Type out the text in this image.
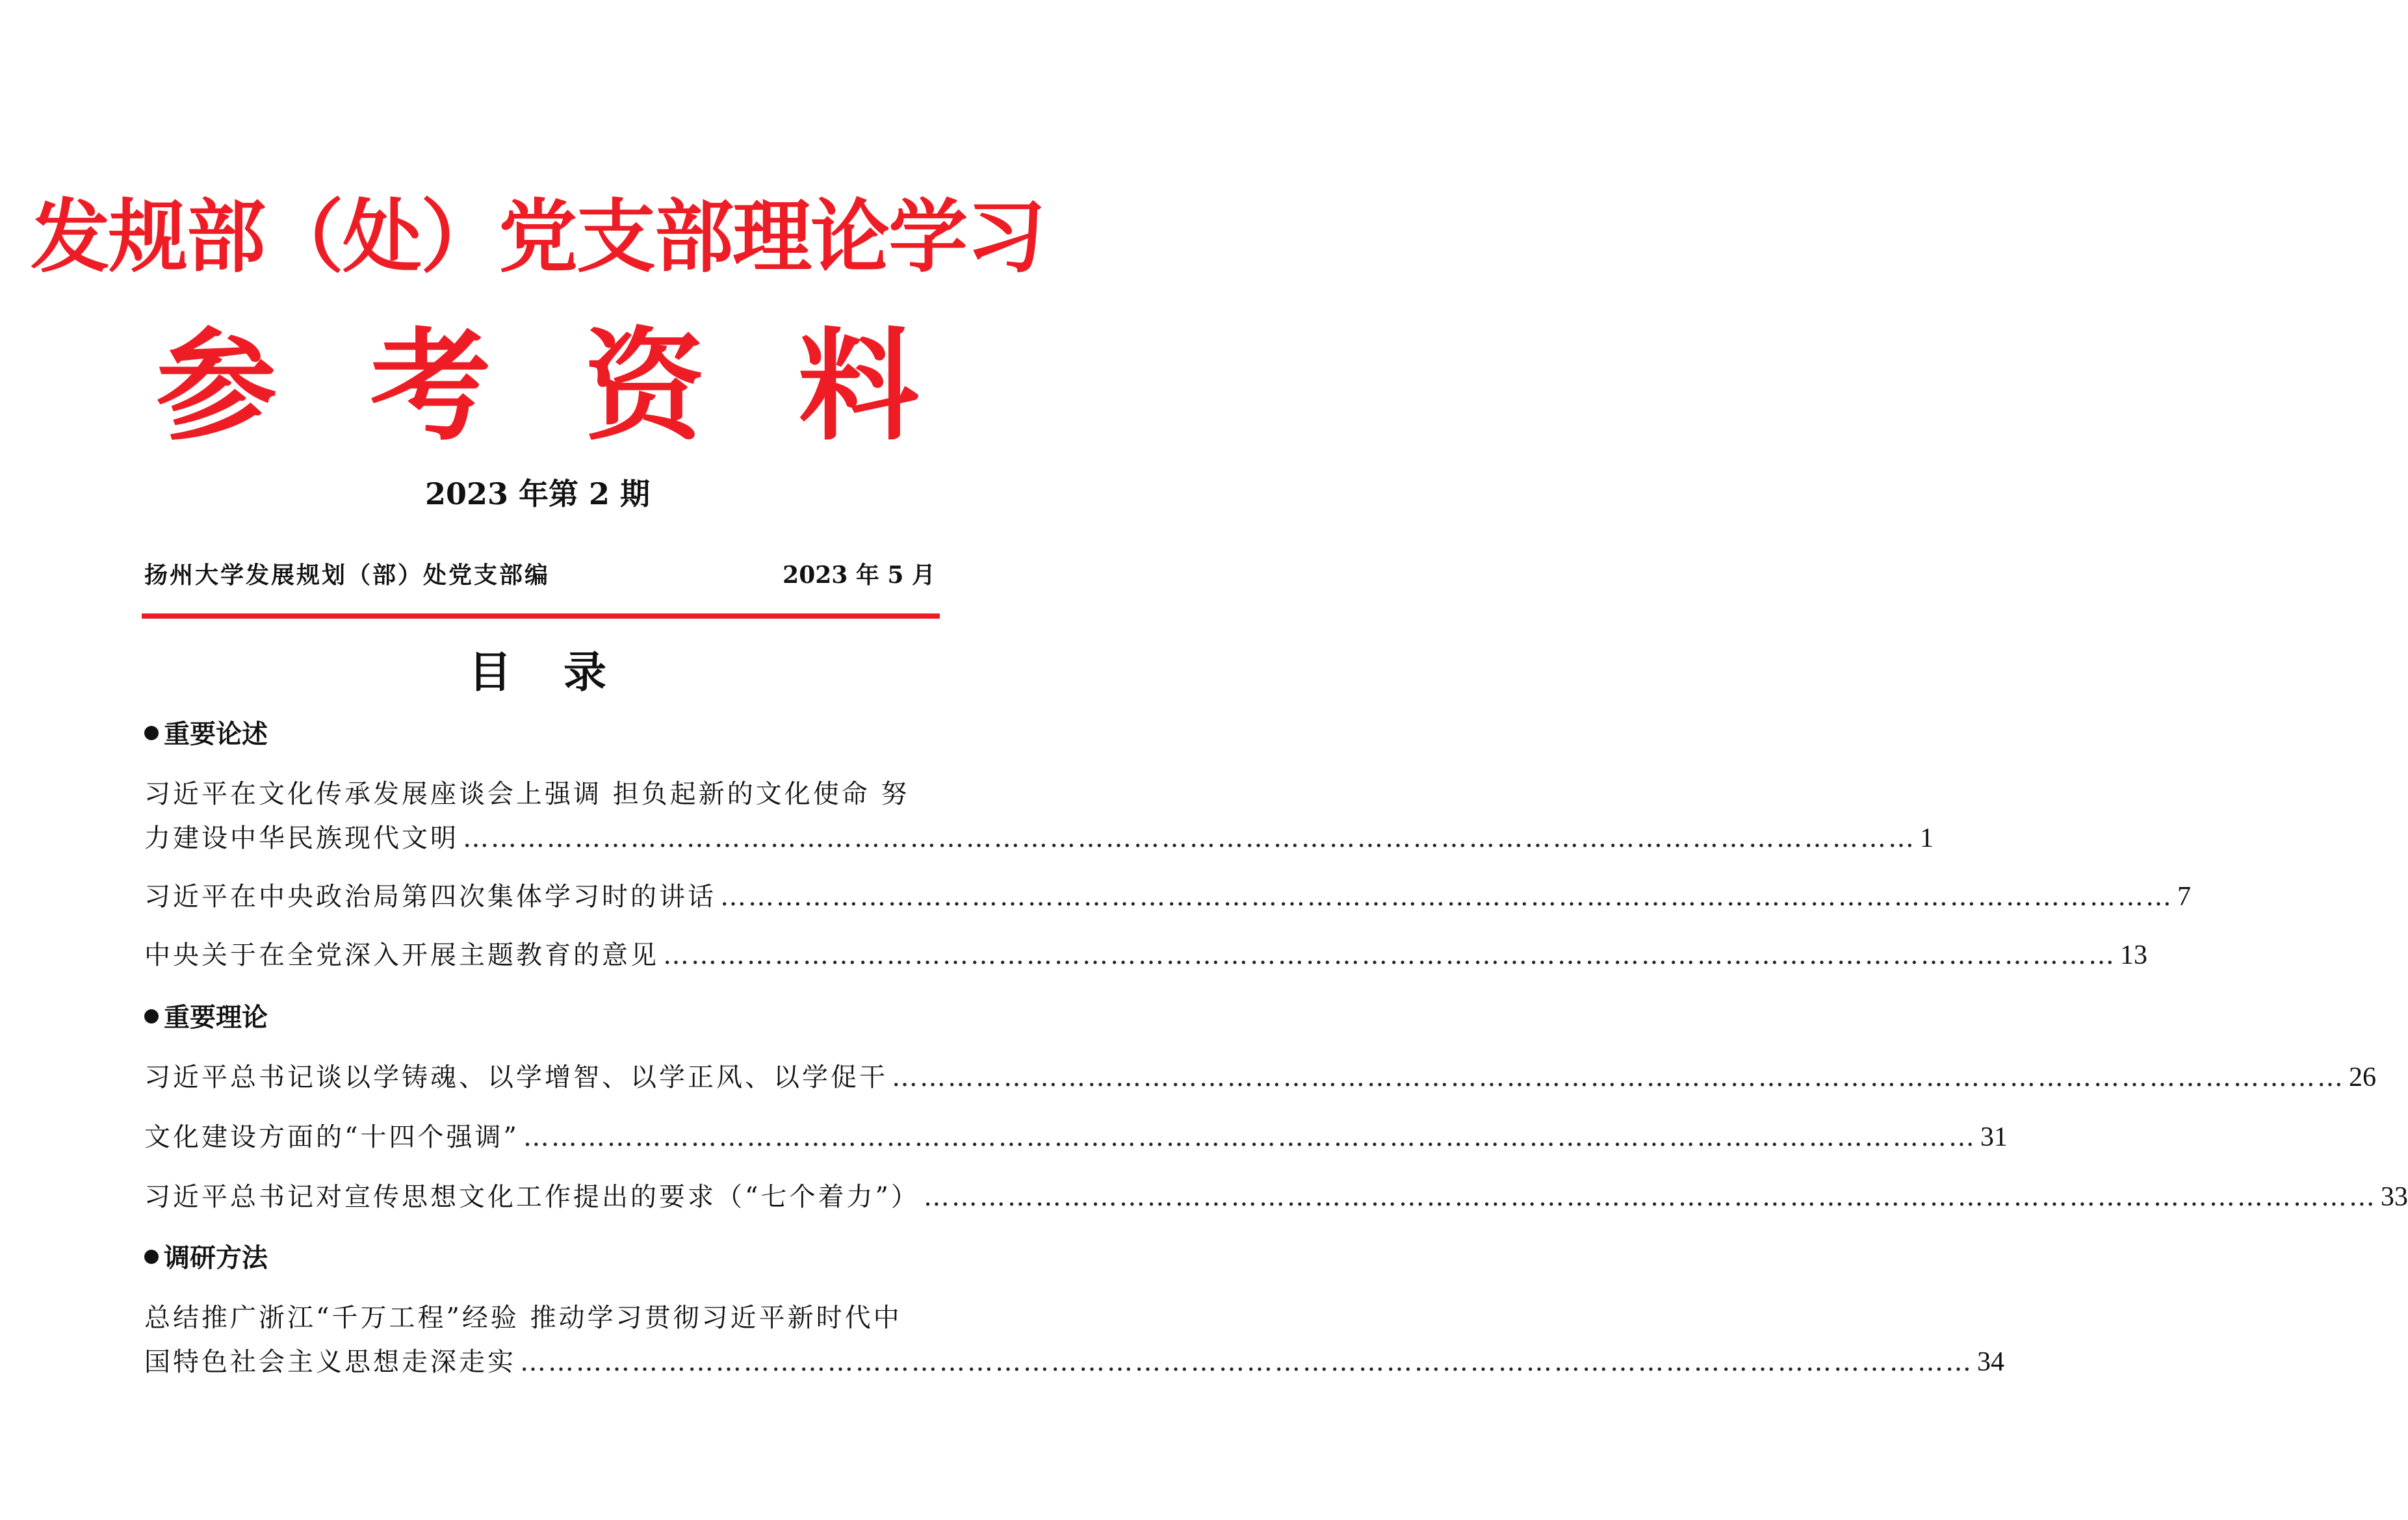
发规部（处）党支部理论学习
参 考 资 料
2023 年第 2 期
扬州大学发展规划（部）处党支部编	2023 年 5 月
目 录
重要论述
习近平在文化传承发展座谈会上强调 担负起新的文化使命 努
力建设中华民族现代文明 ………………………………………………………………………………………………………………………………………… 1
习近平在中央政治局第四次集体学习时的讲话 ………………………………………………………………………………………………………………………………………… 7
中央关于在全党深入开展主题教育的意见 ………………………………………………………………………………………………………………………………………… 13
重要理论
习近平总书记谈以学铸魂、以学增智、以学正风、以学促干 ………………………………………………………………………………………………………………………………………… 26
文化建设方面的“十四个强调” ………………………………………………………………………………………………………………………………………… 31
习近平总书记对宣传思想文化工作提出的要求（“七个着力”） ………………………………………………………………………………………………………………………………………… 33
调研方法
总结推广浙江“千万工程”经验 推动学习贯彻习近平新时代中
国特色社会主义思想走深走实 ………………………………………………………………………………………………………………………………………… 34
